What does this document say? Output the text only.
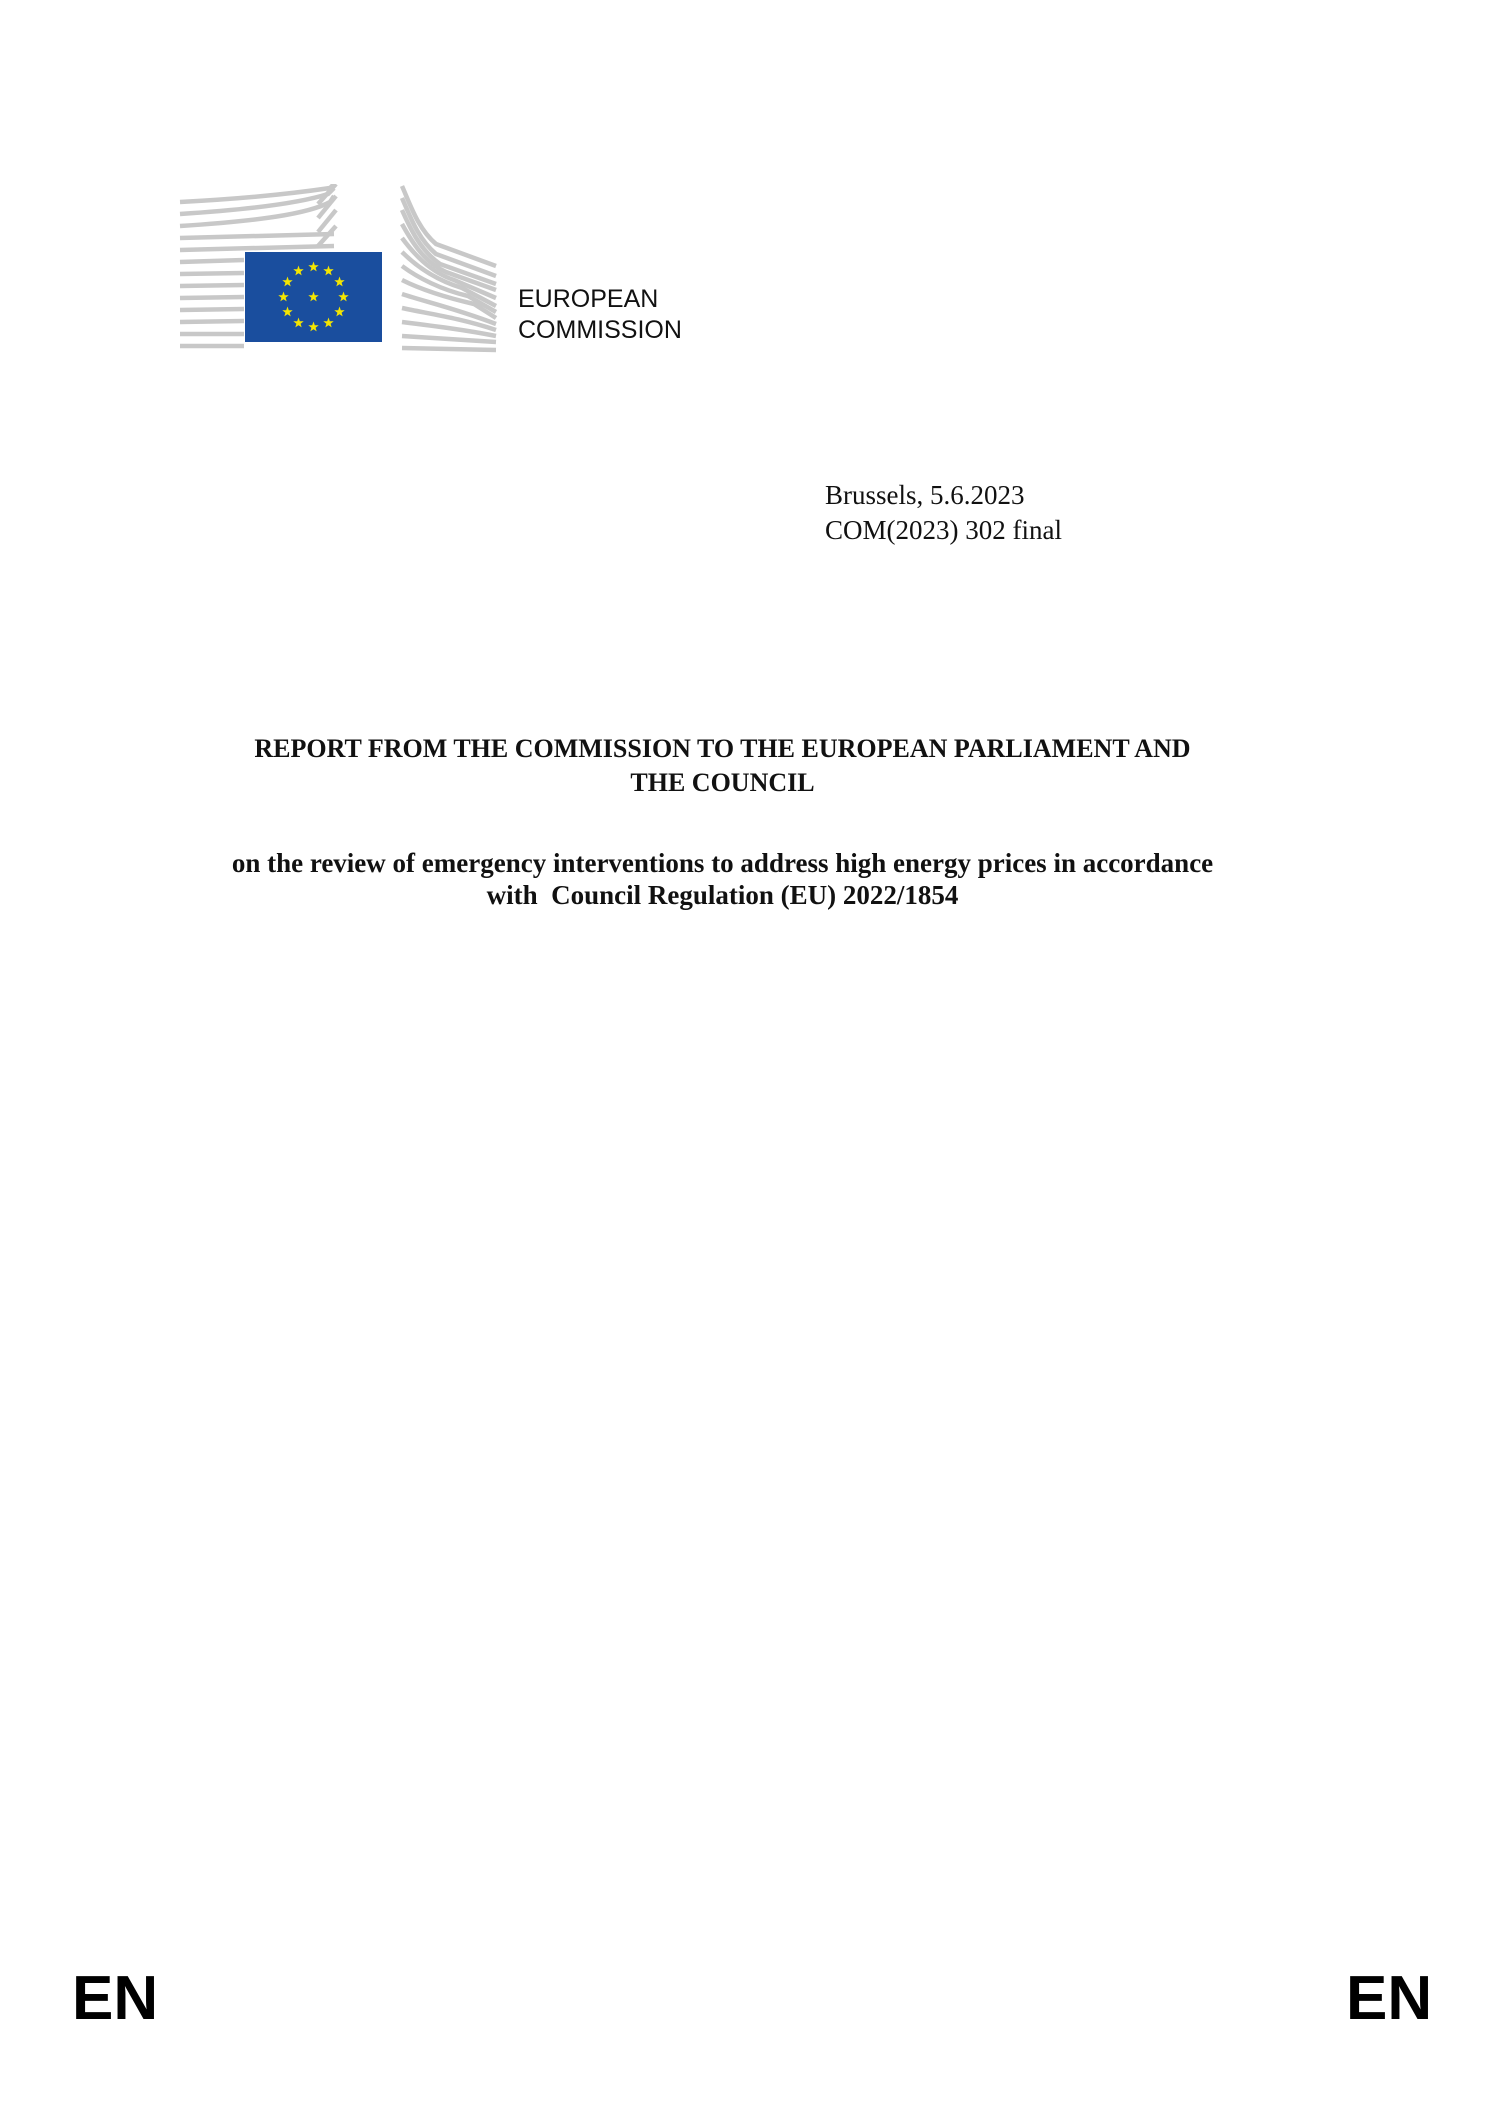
EUROPEAN
COMMISSION
Brussels, 5.6.2023
COM(2023) 302 final
REPORT FROM THE COMMISSION TO THE EUROPEAN PARLIAMENT AND
THE COUNCIL
on the review of emergency interventions to address high energy prices in accordance
with  Council Regulation (EU) 2022/1854
EN	EN
